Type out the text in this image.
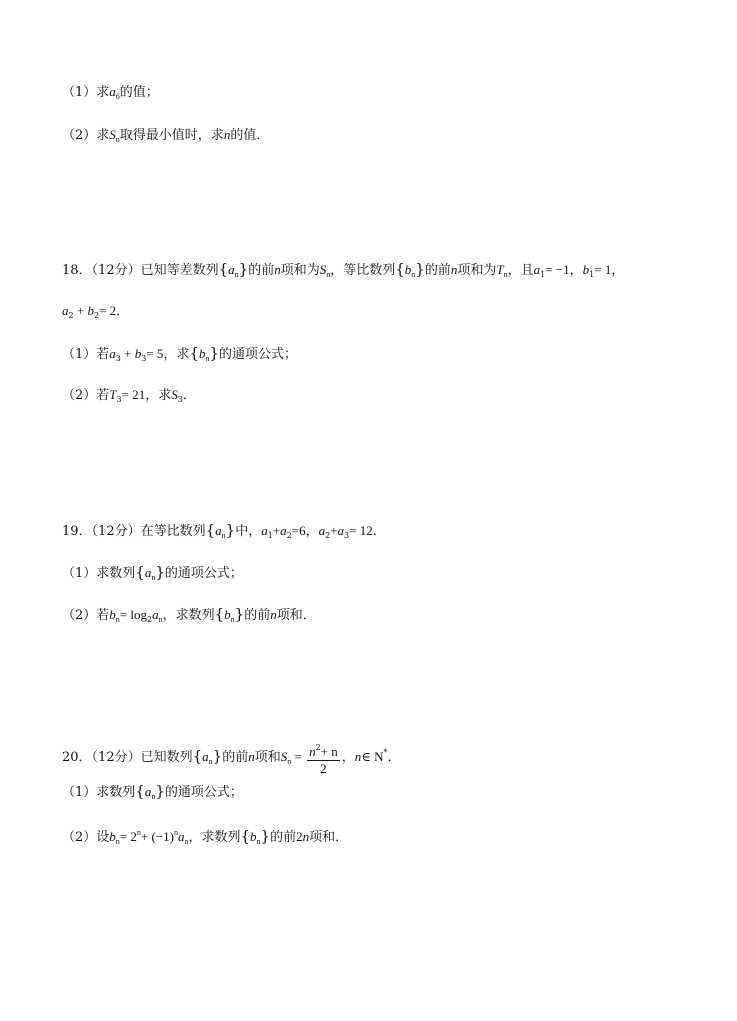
（1）求$a_6$的值；
（2）求$S_n$取得最小值时，求n的值．
18．（12分）已知等差数列$\{a_n\}$的前n项和为$S_n$，等比数列$\{b_n\}$的前n项和为$T_n$，且$a_1= -1$，$b_1= 1$，
$a_2 + b_2= 2$．
（1）若$a_3 + b_3= 5$，求$\{b_n\}$的通项公式；
（2）若$T_3= 21$，求$S_3$．
19．（12分）在等比数列$\{a_n\}$中，$a_1+a_2=6$，$a_2+a_3= 12$．
（1）求数列$\{a_n\}$的通项公式；
（2）若$b_n= \log_2a_n$，求数列$\{b_n\}$的前n项和．
20．（12分）已知数列$\{a_n\}$的前n项和$S_n = \frac{n^2+ n}{2}$ ，n∈ N*．
（1）求数列$\{a_n\}$的通项公式；
（2）设$b_n= 2^n+ (-1)^na_n$，求数列$\{b_n\}$的前2n项和．
